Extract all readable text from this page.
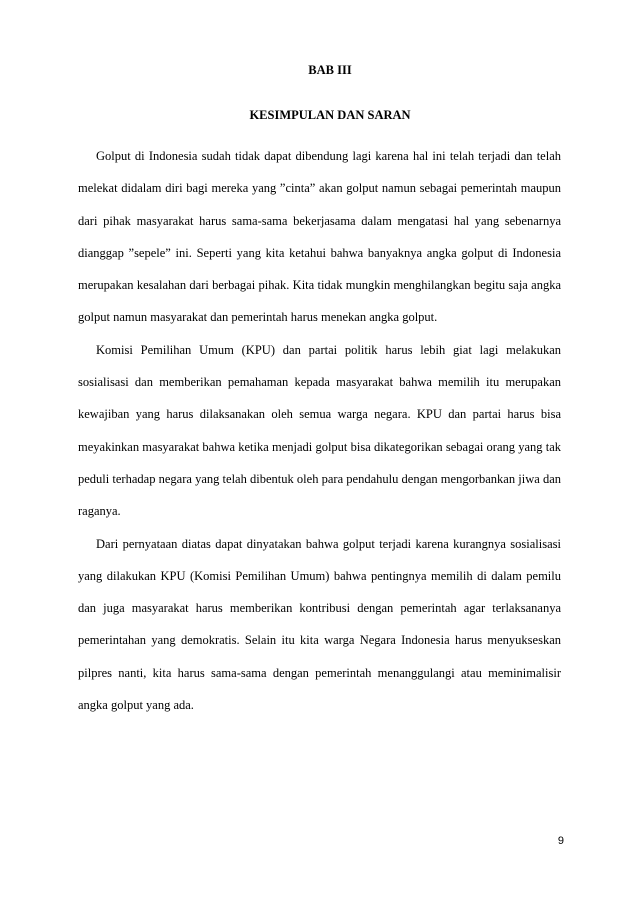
BAB III
KESIMPULAN DAN SARAN

Golput di Indonesia sudah tidak dapat dibendung lagi karena hal ini telah terjadi dan telah melekat didalam diri bagi mereka yang ”cinta” akan golput namun sebagai pemerintah maupun dari pihak masyarakat harus sama-sama bekerjasama dalam mengatasi hal yang sebenarnya dianggap ”sepele” ini. Seperti yang kita ketahui bahwa banyaknya angka golput di Indonesia merupakan kesalahan dari berbagai pihak. Kita tidak mungkin menghilangkan begitu saja angka golput namun masyarakat dan pemerintah harus menekan angka golput.

Komisi Pemilihan Umum (KPU) dan partai politik harus lebih giat lagi melakukan sosialisasi dan memberikan pemahaman kepada masyarakat bahwa memilih itu merupakan kewajiban yang harus dilaksanakan oleh semua warga negara. KPU dan partai harus bisa meyakinkan masyarakat bahwa ketika menjadi golput bisa dikategorikan sebagai orang yang tak peduli terhadap negara yang telah dibentuk oleh para pendahulu dengan mengorbankan jiwa dan raganya.

Dari pernyataan diatas dapat dinyatakan bahwa golput terjadi karena kurangnya sosialisasi yang dilakukan KPU (Komisi Pemilihan Umum) bahwa pentingnya memilih di dalam pemilu dan juga masyarakat harus memberikan kontribusi dengan pemerintah agar terlaksananya pemerintahan yang demokratis. Selain itu kita warga Negara Indonesia harus menyukseskan pilpres nanti, kita harus sama-sama dengan pemerintah menanggulangi atau meminimalisir angka golput yang ada.

9
